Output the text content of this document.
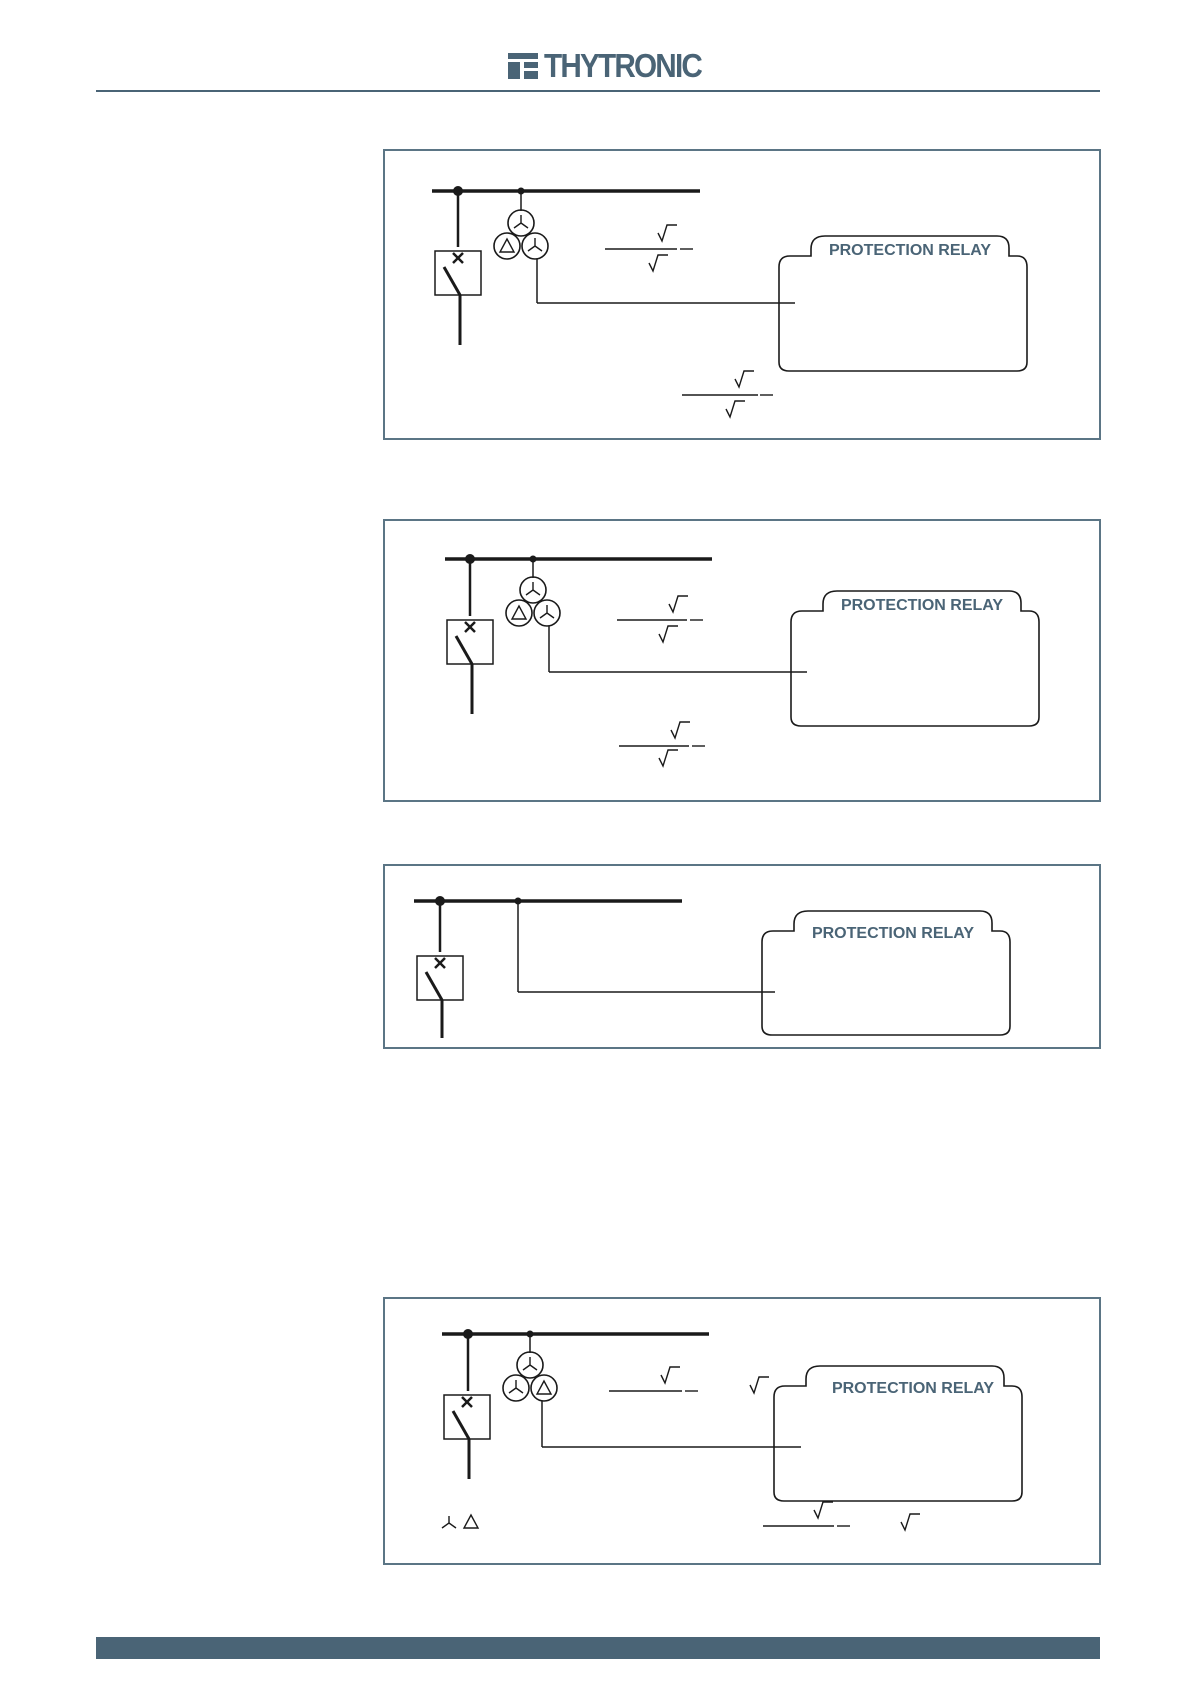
THYTRONIC
PROTECTION RELAY
PROTECTION RELAY
PROTECTION RELAY
PROTECTION RELAY
